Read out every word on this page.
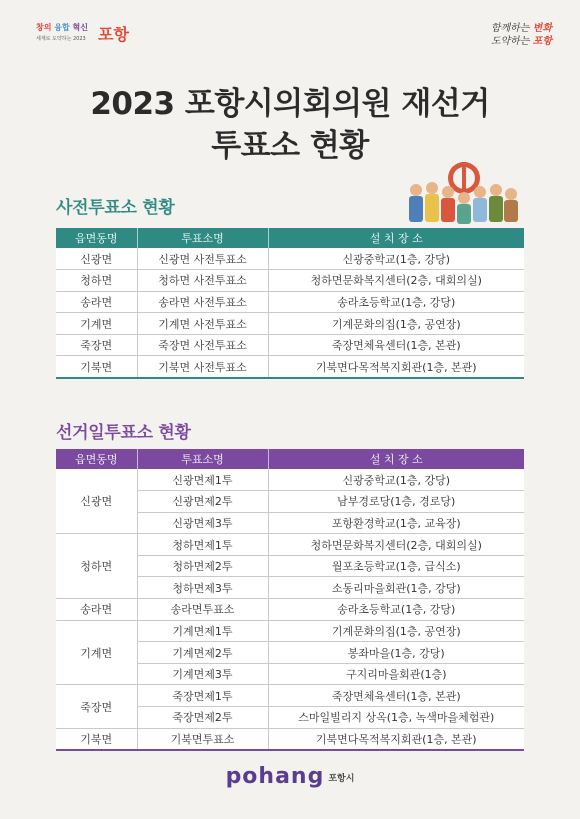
창의 융합 혁신
세계로 도약하는 2023 포항	함께하는 변화
도약하는 포항
2023 포항시의회의원 재선거
투표소 현황
사전투표소 현황
읍면동명	투표소명	설 치 장 소
신광면	신광면 사전투표소	신광중학교(1층, 강당)
청하면	청하면 사전투표소	청하면문화복지센터(2층, 대회의실)
송라면	송라면 사전투표소	송라초등학교(1층, 강당)
기계면	기계면 사전투표소	기계문화의집(1층, 공연장)
죽장면	죽장면 사전투표소	죽장면체육센터(1층, 본관)
기북면	기북면 사전투표소	기북면다목적복지회관(1층, 본관)
선거일투표소 현황
읍면동명	투표소명	설 치 장 소
신광면	신광면제1투	신광중학교(1층, 강당)
	신광면제2투	남부경로당(1층, 경로당)
	신광면제3투	포항환경학교(1층, 교육장)
청하면	청하면제1투	청하면문화복지센터(2층, 대회의실)
	청하면제2투	월포초등학교(1층, 급식소)
	청하면제3투	소동리마을회관(1층, 강당)
송라면	송라면투표소	송라초등학교(1층, 강당)
기계면	기계면제1투	기계문화의집(1층, 공연장)
	기계면제2투	봉좌마을(1층, 강당)
	기계면제3투	구지리마을회관(1층)
죽장면	죽장면제1투	죽장면체육센터(1층, 본관)
	죽장면제2투	스마일빌리지 상옥(1층, 녹색마을체험관)
기북면	기북면투표소	기북면다목적복지회관(1층, 본관)
pohang 포항시
